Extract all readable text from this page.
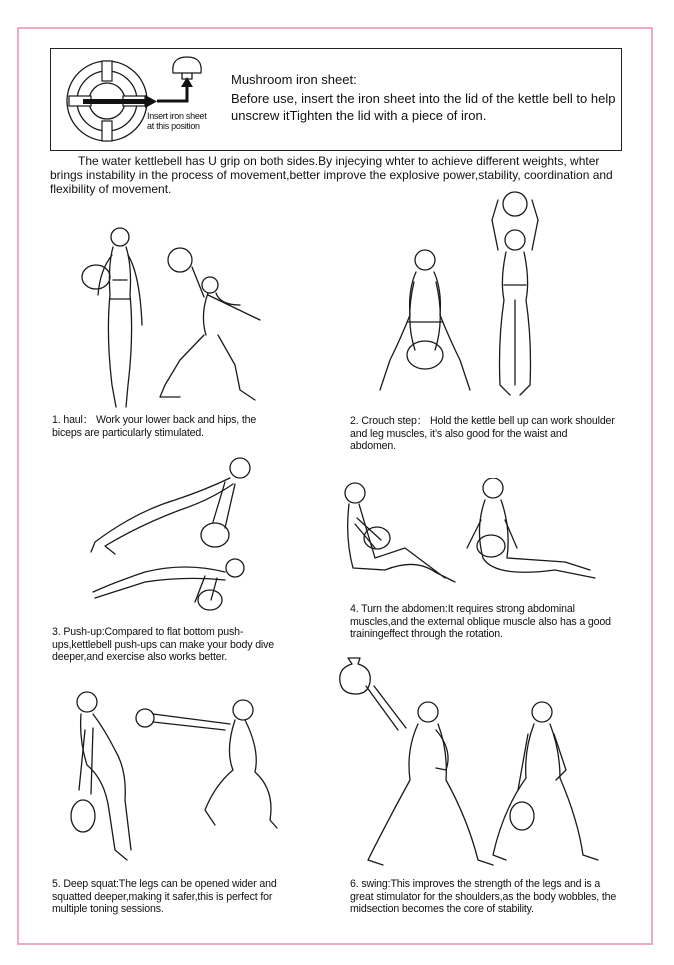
Insert iron sheet
at this position
Mushroom iron sheet:
Before use, insert the iron sheet into the lid of the kettle bell to help unscrew itTighten the lid with a piece of iron.
The water kettlebell has U grip on both sides.By injecying whter to achieve different weights, whter brings instability in the process of movement,better improve the explosive power,stability, coordination and flexibility of movement.
1. haul： Work your lower back and hips, the biceps are particularly stimulated.
2. Crouch step： Hold the kettle bell up can work shoulder and leg muscles, it’s also good for the waist and abdomen.
3. Push-up:Compared to flat bottom push-ups,kettlebell push-ups can make your body dive deeper,and exercise also works better.
4. Turn the abdomen:It requires strong abdominal muscles,and the external oblique muscle also has a good trainingeffect through the rotation.
5. Deep squat:The legs can be opened wider and squatted deeper,making it safer,this is perfect for multiple toning sessions.
6. swing:This improves the strength of the legs and is a great stimulator for the shoulders,as the body wobbles, the midsection becomes the core of stability.
